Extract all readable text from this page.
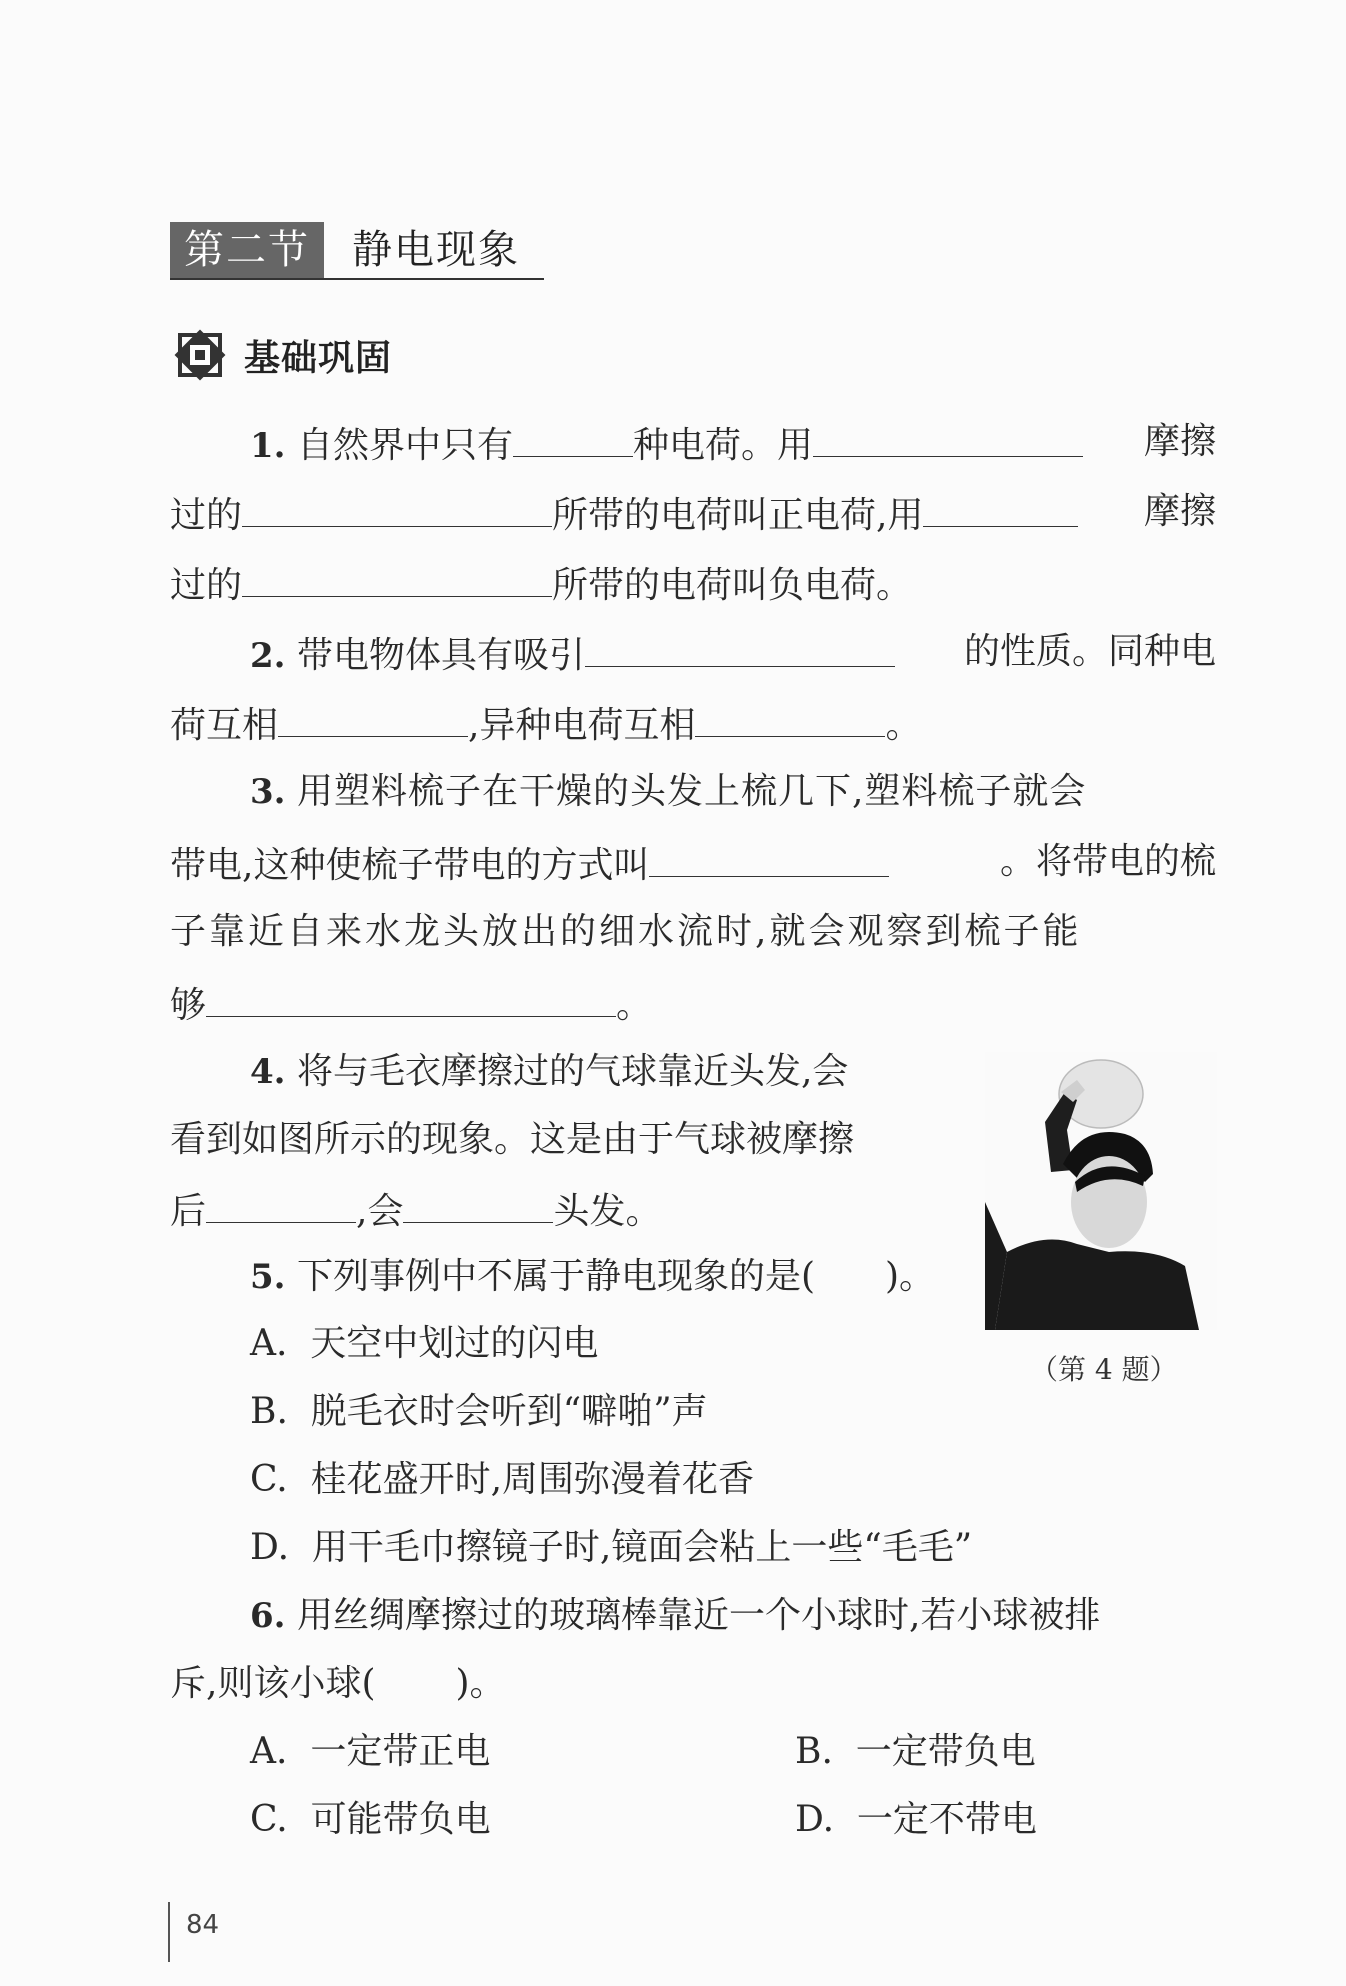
第二节	静电现象
基础巩固
1. 自然界中只有	种电荷。用	摩擦
过的	所带的电荷叫正电荷,用	摩擦
过的	所带的电荷叫负电荷。
2. 带电物体具有吸引	的性质。同种电
荷互相	,异种电荷互相	。
3. 用塑料梳子在干燥的头发上梳几下,塑料梳子就会
带电,这种使梳子带电的方式叫	。将带电的梳
子靠近自来水龙头放出的细水流时,就会观察到梳子能
够	。
4. 将与毛衣摩擦过的气球靠近头发,会
看到如图所示的现象。这是由于气球被摩擦
后	,会	头发。
（第 4 题）
5. 下列事例中不属于静电现象的是( )。
A. 天空中划过的闪电
B. 脱毛衣时会听到“噼啪”声
C. 桂花盛开时,周围弥漫着花香
D. 用干毛巾擦镜子时,镜面会粘上一些“毛毛”
6. 用丝绸摩擦过的玻璃棒靠近一个小球时,若小球被排
斥,则该小球( )。
A. 一定带正电	B. 一定带负电
C. 可能带负电	D. 一定不带电
84
